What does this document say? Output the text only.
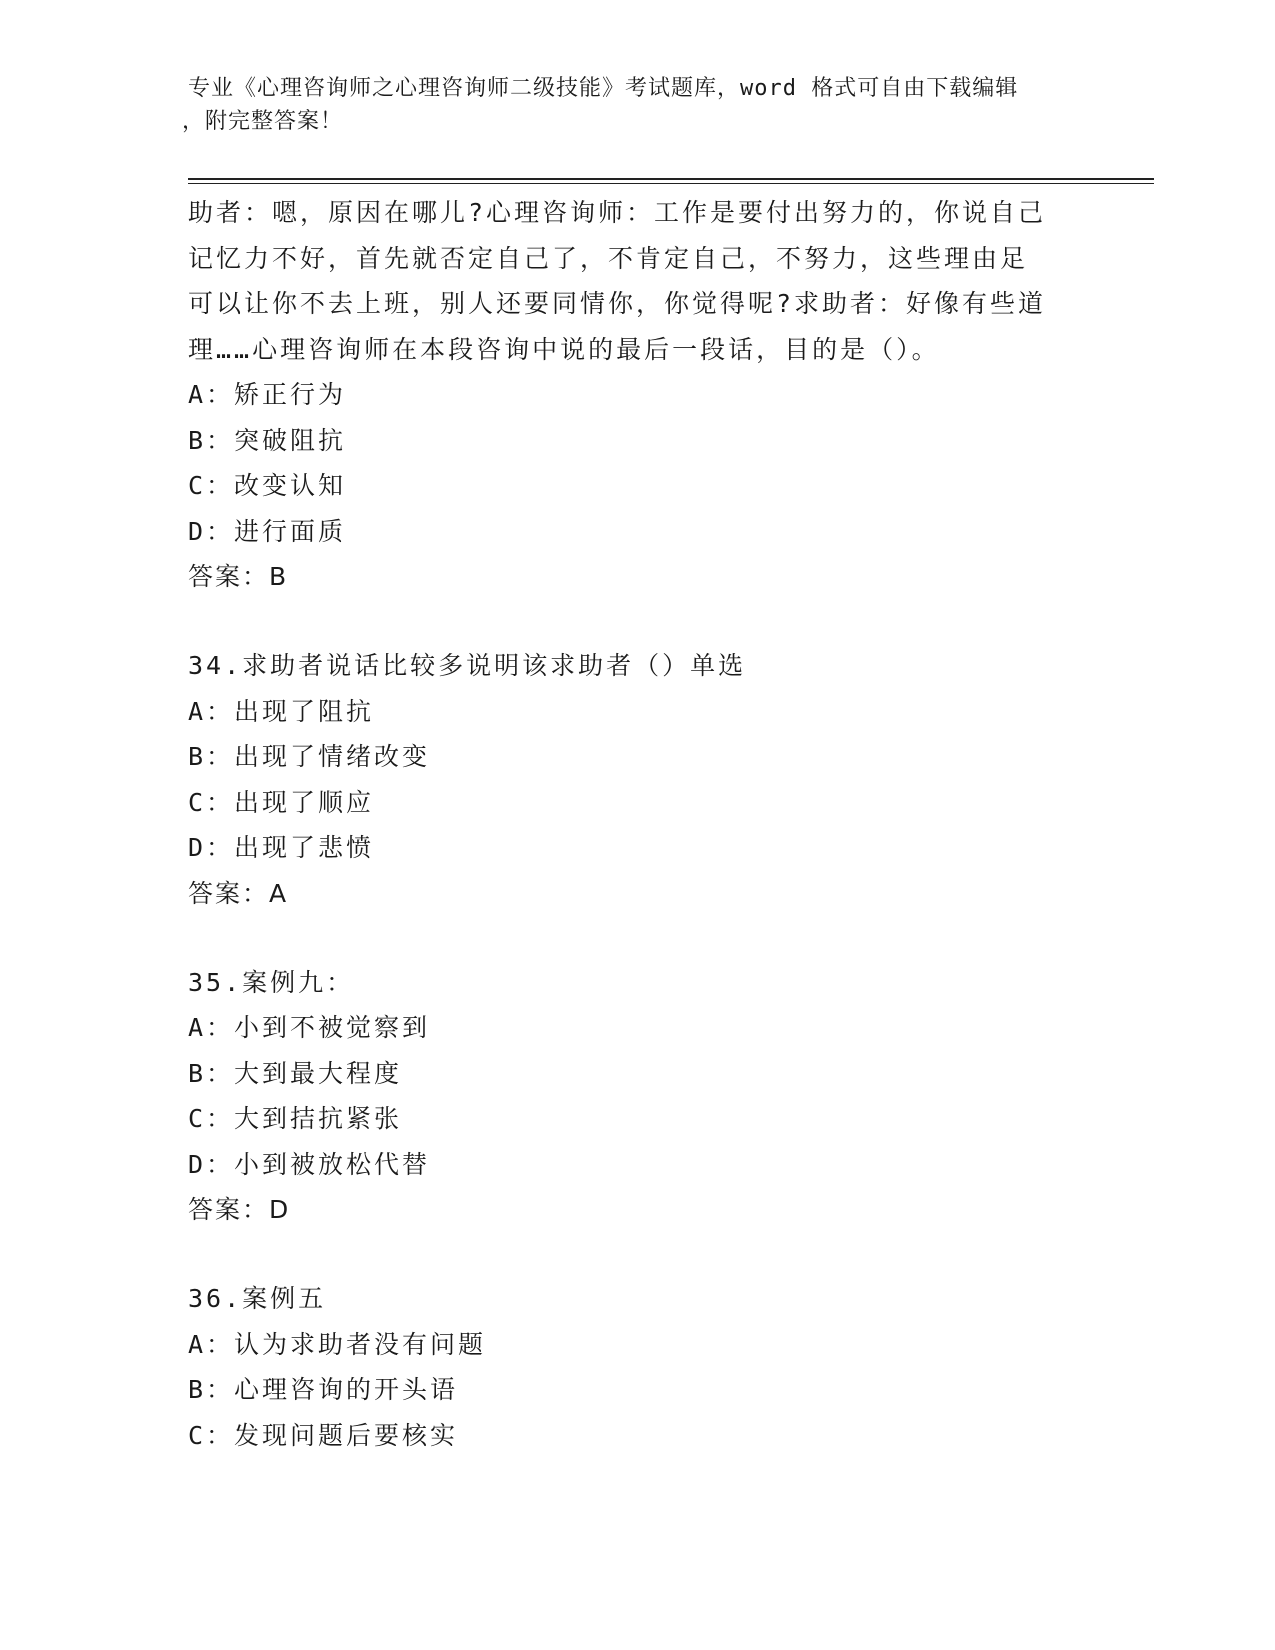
专业《心理咨询师之心理咨询师二级技能》考试题库，word 格式可自由下载编辑
，附完整答案！
助者：嗯，原因在哪儿?心理咨询师：工作是要付出努力的，你说自己
记忆力不好，首先就否定自己了，不肯定自己，不努力，这些理由足
可以让你不去上班，别人还要同情你，你觉得呢?求助者：好像有些道
理……心理咨询师在本段咨询中说的最后一段话，目的是（）。
A：矫正行为
B：突破阻抗
C：改变认知
D：进行面质
答案：B
34.求助者说话比较多说明该求助者（）单选
A：出现了阻抗
B：出现了情绪改变
C：出现了顺应
D：出现了悲愤
答案：A
35.案例九：
A：小到不被觉察到
B：大到最大程度
C：大到拮抗紧张
D：小到被放松代替
答案：D
36.案例五
A：认为求助者没有问题
B：心理咨询的开头语
C：发现问题后要核实
